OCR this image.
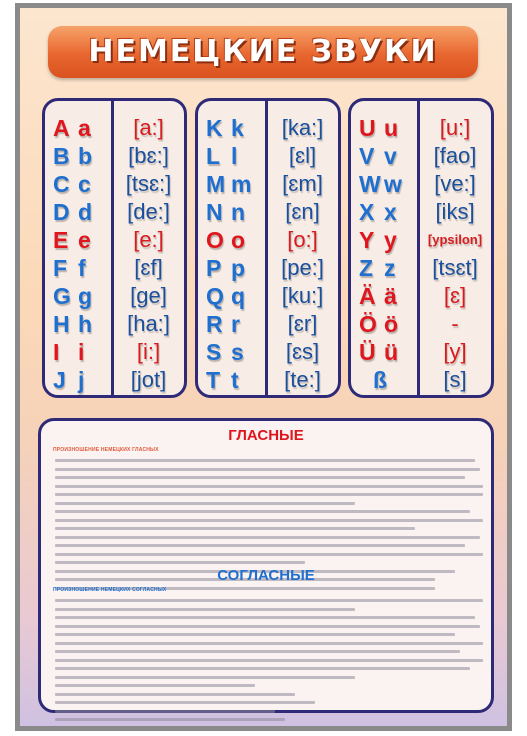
НЕМЕЦКИЕ ЗВУКИ
A a	[a:]
B b	[bɛ:]
C c	[tsɛ:]
D d	[de:]
E e	[e:]
F f	[ɛf]
G g	[ge]
H h	[ha:]
I i	[i:]
J j	[jot]
K k	[ka:]
L l	[ɛl]
M m	[ɛm]
N n	[ɛn]
O o	[o:]
P p	[pe:]
Q q	[ku:]
R r	[ɛr]
S s	[ɛs]
T t	[te:]
U u	[u:]
V v	[fao]
W w	[ve:]
X x	[iks]
Y y	[ypsilon]
Z z	[tsɛt]
Ä ä	[ɛ]
Ö ö	-
Ü ü	[y]
ß	[s]
ГЛАСНЫЕ
ПРОИЗНОШЕНИЕ НЕМЕЦКИХ ГЛАСНЫХ
СОГЛАСНЫЕ
ПРОИЗНОШЕНИЕ НЕМЕЦКИХ СОГЛАСНЫХ
